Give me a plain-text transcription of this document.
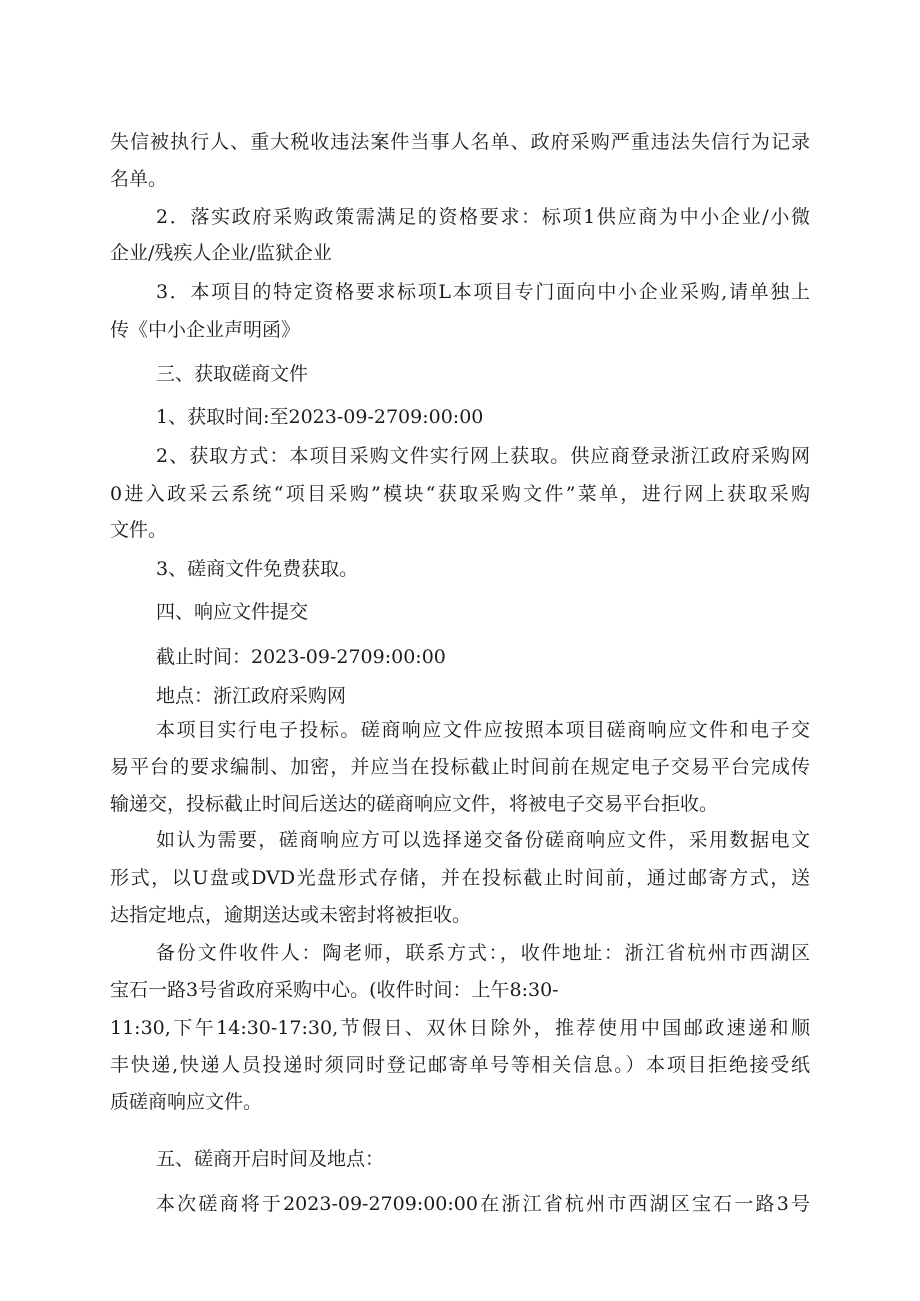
失信被执行人、重大税收违法案件当事人名单、政府采购严重违法失信行为记录
名单。
2．落实政府采购政策需满足的资格要求：标项1供应商为中小企业/小微
企业/残疾人企业/监狱企业
3．本项目的特定资格要求标项L本项目专门面向中小企业采购,请单独上
传《中小企业声明函》
三、获取磋商文件
1、获取时间:至2023-09-2709:00:00
2、获取方式：本项目采购文件实行网上获取。供应商登录浙江政府采购网
0进入政采云系统“项目采购”模块“获取采购文件”菜单，进行网上获取采购
文件。
3、磋商文件免费获取。
四、响应文件提交
截止时间：2023-09-2709:00:00
地点：浙江政府采购网
本项目实行电子投标。磋商响应文件应按照本项目磋商响应文件和电子交
易平台的要求编制、加密，并应当在投标截止时间前在规定电子交易平台完成传
输递交，投标截止时间后送达的磋商响应文件，将被电子交易平台拒收。
如认为需要，磋商响应方可以选择递交备份磋商响应文件，采用数据电文
形式，以U盘或DVD光盘形式存储，并在投标截止时间前，通过邮寄方式，送
达指定地点，逾期送达或未密封将被拒收。
备份文件收件人：陶老师，联系方式：，收件地址：浙江省杭州市西湖区
宝石一路3号省政府采购中心。(收件时间：上午8:30-
11:30,下午14:30-17:30,节假日、双休日除外，推荐使用中国邮政速递和顺
丰快递,快递人员投递时须同时登记邮寄单号等相关信息。）本项目拒绝接受纸
质磋商响应文件。
五、磋商开启时间及地点：
本次磋商将于2023-09-2709:00:00在浙江省杭州市西湖区宝石一路3号
